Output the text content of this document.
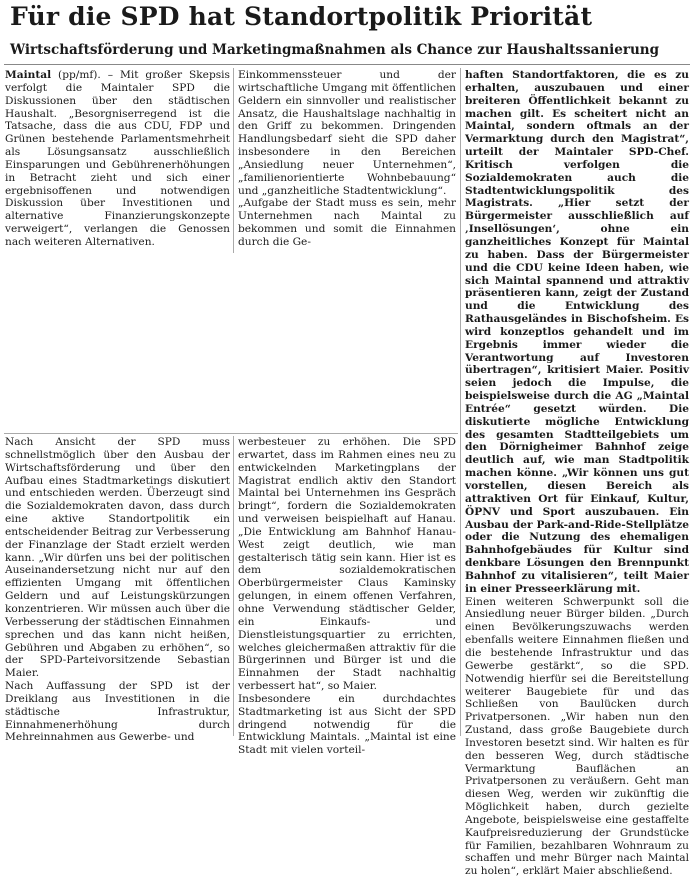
Für die SPD hat Standortpolitik Priorität
Wirtschaftsförderung und Marketingmaßnahmen als Chance zur Haushaltssanierung

Maintal (pp/mf). – Mit großer Skepsis verfolgt die Maintaler SPD die Diskussionen über den städtischen Haushalt. „Besorgniserregend ist die Tatsache, dass die aus CDU, FDP und Grünen bestehende Parlamentsmehrheit als Lösungsansatz ausschließlich Einsparungen und Gebührenerhöhungen in Betracht zieht und sich einer ergebnisoffenen und notwendigen Diskussion über Investitionen und alternative Finanzierungskonzepte verweigert“, verlangen die Genossen nach weiteren Alternativen.

Einkommenssteuer und der wirtschaftliche Umgang mit öffentlichen Geldern ein sinnvoller und realistischer Ansatz, die Haushaltslage nachhaltig in den Griff zu bekommen. Dringenden Handlungsbedarf sieht die SPD daher insbesondere in den Bereichen „Ansiedlung neuer Unternehmen“, „familienorientierte Wohnbebauung“ und „ganzheitliche Stadtentwicklung“.

„Aufgabe der Stadt muss es sein, mehr Unternehmen nach Maintal zu bekommen und somit die Einnahmen durch die Ge-

haften Standortfaktoren, die es zu erhalten, auszubauen und einer breiteren Öffentlichkeit bekannt zu machen gilt. Es scheitert nicht an Maintal, sondern oftmals an der Vermarktung durch den Magistrat“, urteilt der Maintaler SPD-Chef. Kritisch verfolgen die Sozialdemokraten auch die Stadtentwicklungspolitik des Magistrats. „Hier setzt der Bürgermeister ausschließlich auf ‚Insellösungen‘, ohne ein ganzheitliches Konzept für Maintal zu haben. Dass der Bürgermeister und die CDU keine Ideen haben, wie sich Maintal spannend und attraktiv präsentieren kann, zeigt der Zustand und die Entwicklung des Rathausgeländes in Bischofsheim. Es wird konzeptlos gehandelt und im Ergebnis immer wieder die Verantwortung auf Investoren übertragen“, kritisiert Maier. Positiv seien jedoch die Impulse, die beispielsweise durch die AG „Maintal Entrée“ gesetzt würden. Die diskutierte mögliche Entwicklung des gesamten Stadtteilgebiets um den Dörnigheimer Bahnhof zeige deutlich auf, wie man Stadtpolitik machen könne. „Wir können uns gut vorstellen, diesen Bereich als attraktiven Ort für Einkauf, Kultur, ÖPNV und Sport auszubauen. Ein Ausbau der Park-and-Ride-Stellplätze oder die Nutzung des ehemaligen Bahnhofgebäudes für Kultur sind denkbare Lösungen den Brennpunkt Bahnhof zu vitalisieren“, teilt Maier in einer Presseerklärung mit.

Einen weiteren Schwerpunkt soll die Ansiedlung neuer Bürger bilden. „Durch einen Bevölkerungszuwachs werden ebenfalls weitere Einnahmen fließen und die bestehende Infrastruktur und das Gewerbe gestärkt“, so die SPD. Notwendig hierfür sei die Bereitstellung weiterer Baugebiete für und das Schließen von Baulücken durch Privatpersonen. „Wir haben nun den Zustand, dass große Baugebiete durch Investoren besetzt sind. Wir halten es für den besseren Weg, durch städtische Vermarktung Bauflächen an Privatpersonen zu veräußern. Geht man diesen Weg, werden wir zukünftig die Möglichkeit haben, durch gezielte Angebote, beispielsweise eine gestaffelte Kaufpreisreduzierung der Grundstücke für Familien, bezahlbaren Wohnraum zu schaffen und mehr Bürger nach Maintal zu holen“, erklärt Maier abschließend.

Nach Ansicht der SPD muss schnellstmöglich über den Ausbau der Wirtschaftsförderung und über den Aufbau eines Stadtmarketings diskutiert und entschieden werden. Überzeugt sind die Sozialdemokraten davon, dass durch eine aktive Standortpolitik ein entscheidender Beitrag zur Verbesserung der Finanzlage der Stadt erzielt werden kann. „Wir dürfen uns bei der politischen Auseinandersetzung nicht nur auf den effizienten Umgang mit öffentlichen Geldern und auf Leistungskürzungen konzentrieren. Wir müssen auch über die Verbesserung der städtischen Einnahmen sprechen und das kann nicht heißen, Gebühren und Abgaben zu erhöhen“, so der SPD-Parteivorsitzende Sebastian Maier.

Nach Auffassung der SPD ist der Dreiklang aus Investitionen in die städtische Infrastruktur, Einnahmenerhöhung durch Mehreinnahmen aus Gewerbe- und

werbesteuer zu erhöhen. Die SPD erwartet, dass im Rahmen eines neu zu entwickelnden Marketingplans der Magistrat endlich aktiv den Standort Maintal bei Unternehmen ins Gespräch bringt“, fordern die Sozialdemokraten und verweisen beispielhaft auf Hanau. „Die Entwicklung am Bahnhof Hanau-West zeigt deutlich, wie man gestalterisch tätig sein kann. Hier ist es dem sozialdemokratischen Oberbürgermeister Claus Kaminsky gelungen, in einem offenen Verfahren, ohne Verwendung städtischer Gelder, ein Einkaufs- und Dienstleistungsquartier zu errichten, welches gleichermaßen attraktiv für die Bürgerinnen und Bürger ist und die Einnahmen der Stadt nachhaltig verbessert hat“, so Maier.

Insbesondere ein durchdachtes Stadtmarketing ist aus Sicht der SPD dringend notwendig für die Entwicklung Maintals. „Maintal ist eine Stadt mit vielen vorteil-
